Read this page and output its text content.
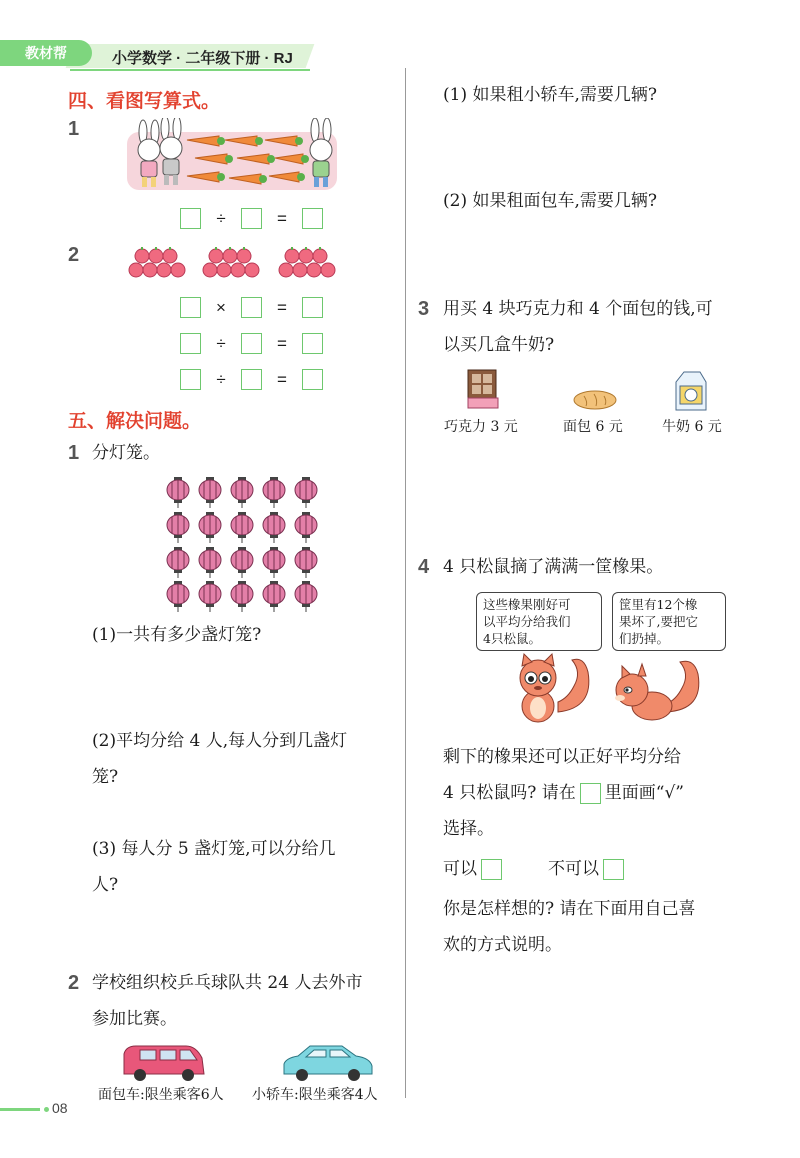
教材帮	小学数学 · 二年级下册 · RJ
四、看图写算式。
1
÷	=
2
×	=
÷	=
÷	=
五、解决问题。
1 分灯笼。
(1)一共有多少盏灯笼?
(2)平均分给 4 人,每人分到几盏灯
笼?
(3) 每人分 5 盏灯笼,可以分给几
人?
2 学校组织校乒乓球队共 24 人去外市
参加比赛。
面包车:限坐乘客6人 小轿车:限坐乘客4人
(1) 如果租小轿车,需要几辆?
(2) 如果租面包车,需要几辆?
3 用买 4 块巧克力和 4 个面包的钱,可
以买几盒牛奶?
巧克力 3 元	面包 6 元	牛奶 6 元
4 4 只松鼠摘了满满一筐橡果。
这些橡果刚好可
以平均分给我们
4只松鼠。
筐里有12个橡
果坏了,要把它
们扔掉。
剩下的橡果还可以正好平均分给
4 只松鼠吗? 请在 里面画“√”
选择。
可以	不可以
你是怎样想的? 请在下面用自己喜
欢的方式说明。
08
